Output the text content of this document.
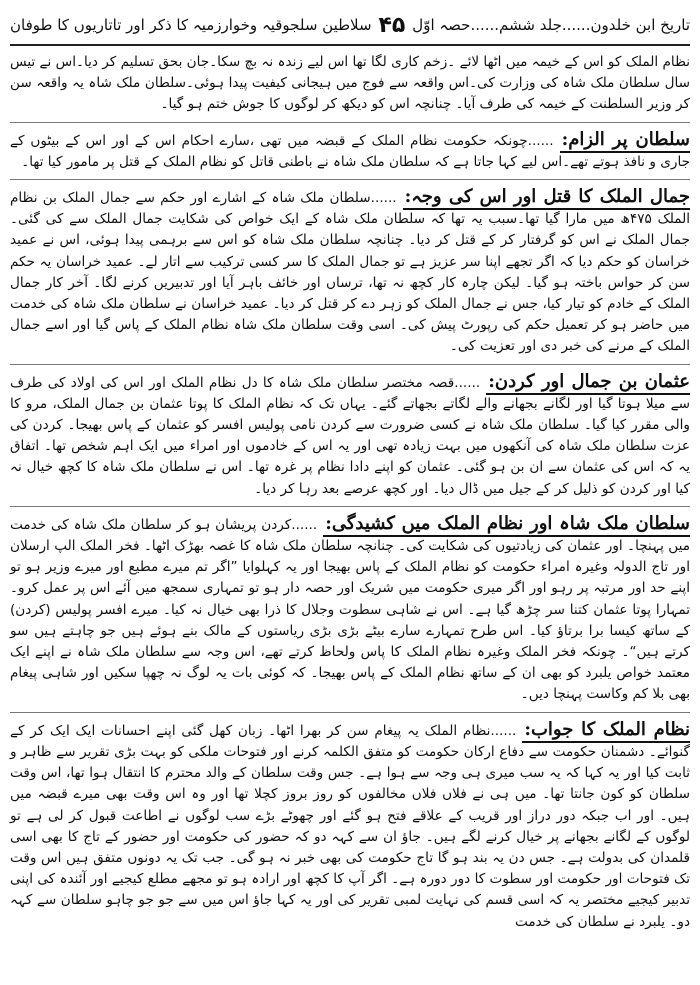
تاریخ ابن خلدون......جلد ششم......حصہ اوّل
۴۵
سلاطین سلجوقیہ وخوارزمیہ کا ذکر اور تاتاریوں کا طوفان

نظام الملک کو اس کے خیمہ میں اٹھا لائے ۔زخم کاری لگا تھا اس لیے زندہ نہ بچ سکا۔جان بحق تسلیم کر دیا۔اس نے تیس سال سلطان ملک شاہ کی وزارت کی۔اس واقعہ سے فوج میں ہیجانی کیفیت پیدا ہوئی۔سلطان ملک شاہ یہ واقعہ سن کر وزیر السلطنت کے خیمہ کی طرف آیا۔ چنانچہ اس کو دیکھ کر لوگوں کا جوش ختم ہو گیا۔

سلطان پر الزام:......چونکہ حکومت نظام الملک کے قبضہ میں تھی ،سارے احکام اس کے اور اس کے بیٹوں کے جاری و نافذ ہوتے تھے۔اس لیے کہا جاتا ہے کہ سلطان ملک شاہ نے باطنی قاتل کو نظام الملک کے قتل پر مامور کیا تھا۔

جمال الملک کا قتل اور اس کی وجہ:......سلطان ملک شاہ کے اشارے اور حکم سے جمال الملک بن نظام الملک ۴۷۵ھ میں مارا گیا تھا۔سبب یہ تھا کہ سلطان ملک شاہ کے ایک خواص کی شکایت جمال الملک سے کی گئی۔ جمال الملک نے اس کو گرفتار کر کے قتل کر دیا۔ چنانچہ سلطان ملک شاہ کو اس سے برہمی پیدا ہوئی، اس نے عمید خراسان کو حکم دیا کہ اگر تجھے اپنا سر عزیز ہے تو جمال الملک کا سر کسی ترکیب سے اتار لے۔ عمید خراسان یہ حکم سن کر حواس باختہ ہو گیا۔ لیکن چارہ کار کچھ نہ تھا، ترساں اور خائف باہر آیا اور تدبیریں کرنے لگا۔ آخر کار جمال الملک کے خادم کو تیار کیا، جس نے جمال الملک کو زہر دے کر قتل کر دیا۔ عمید خراسان نے سلطان ملک شاہ کی خدمت میں حاضر ہو کر تعمیل حکم کی رپورٹ پیش کی۔ اسی وقت سلطان ملک شاہ نظام الملک کے پاس گیا اور اسے جمال الملک کے مرنے کی خبر دی اور تعزیت کی۔

عثمان بن جمال اور کردن:......قصہ مختصر سلطان ملک شاہ کا دل نظام الملک اور اس کی اولاد کی طرف سے میلا ہوتا گیا اور لگانے بجھانے والے لگاتے بجھاتے گئے۔ یہاں تک کہ نظام الملک کا پوتا عثمان بن جمال الملک، مرو کا والی مقرر کیا گیا۔ سلطان ملک شاہ نے کسی ضرورت سے کردن نامی پولیس افسر کو عثمان کے پاس بھیجا۔ کردن کی عزت سلطان ملک شاہ کی آنکھوں میں بہت زیادہ تھی اور یہ اس کے خادموں اور امراء میں ایک اہم شخص تھا۔ اتفاق یہ کہ اس کی عثمان سے ان بن ہو گئی۔ عثمان کو اپنے دادا نظام پر غرہ تھا۔ اس نے سلطان ملک شاہ کا کچھ خیال نہ کیا اور کردن کو ذلیل کر کے جیل میں ڈال دیا۔ اور کچھ عرصے بعد رہا کر دیا۔

سلطان ملک شاہ اور نظام الملک میں کشیدگی:......کردن پریشان ہو کر سلطان ملک شاہ کی خدمت میں پہنچا۔ اور عثمان کی زیادتیوں کی شکایت کی۔ چنانچہ سلطان ملک شاہ کا غصہ بھڑک اٹھا۔ فخر الملک الپ ارسلان اور تاج الدولہ وغیرہ امراء حکومت کو نظام الملک کے پاس بھیجا اور یہ کہلوایا ”اگر تم میرے مطیع اور میرے وزیر ہو تو اپنے حد اور مرتبہ پر رہو اور اگر میری حکومت میں شریک اور حصہ دار ہو تو تمہاری سمجھ میں آئے اس پر عمل کرو۔ تمہارا پوتا عثمان کتنا سر چڑھ گیا ہے۔ اس نے شاہی سطوت وجلال کا ذرا بھی خیال نہ کیا۔ میرے افسر پولیس (کردن) کے ساتھ کیسا برا برتاؤ کیا۔ اس طرح تمہارے سارے بیٹے بڑی بڑی ریاستوں کے مالک بنے ہوئے ہیں جو چاہتے ہیں سو کرتے ہیں“۔ چونکہ فخر الملک وغیرہ نظام الملک کا پاس ولحاظ کرتے تھے، اس وجہ سے سلطان ملک شاہ نے اپنے ایک معتمد خواص یلبرد کو بھی ان کے ساتھ نظام الملک کے پاس بھیجا۔ کہ کوئی بات یہ لوگ نہ چھپا سکیں اور شاہی پیغام بھی بلا کم وکاست پہنچا دیں۔

نظام الملک کا جواب:......نظام الملک یہ پیغام سن کر بھرا اٹھا۔ زبان کھل گئی اپنے احسانات ایک ایک کر کے گنوائے۔ دشمنان حکومت سے دفاع ارکان حکومت کو متفق الکلمہ کرنے اور فتوحات ملکی کو بہت بڑی تقریر سے ظاہر و ثابت کیا اور یہ کہا کہ یہ سب میری ہی وجہ سے ہوا ہے۔ جس وقت سلطان کے والد محترم کا انتقال ہوا تھا، اس وقت سلطان کو کون جانتا تھا۔ میں ہی نے فلاں فلاں مخالفوں کو روز بروز کچلا تھا اور وہ اس وقت بھی میرے قبضہ میں ہیں۔ اور اب جبکہ دور دراز اور قریب کے علاقے فتح ہو گئے اور چھوٹے بڑے سب لوگوں نے اطاعت قبول کر لی ہے تو لوگوں کے لگانے بجھانے پر خیال کرنے لگے ہیں۔ جاؤ ان سے کہہ دو کہ حضور کی حکومت اور حضور کے تاج کا بھی اسی قلمدان کی بدولت ہے۔ جس دن یہ بند ہو گا تاج حکومت کی بھی خبر نہ ہو گی۔ جب تک یہ دونوں متفق ہیں اس وقت تک فتوحات اور حکومت اور سطوت کا دور دورہ ہے۔ اگر آپ کا کچھ اور ارادہ ہو تو مجھے مطلع کیجیے اور آئندہ کی اپنی تدبیر کیجیے مختصر یہ کہ اسی قسم کی نہایت لمبی تقریر کی اور یہ کہا جاؤ اس میں سے جو جو چاہو سلطان سے کہہ دو۔ یلبرد نے سلطان کی خدمت
